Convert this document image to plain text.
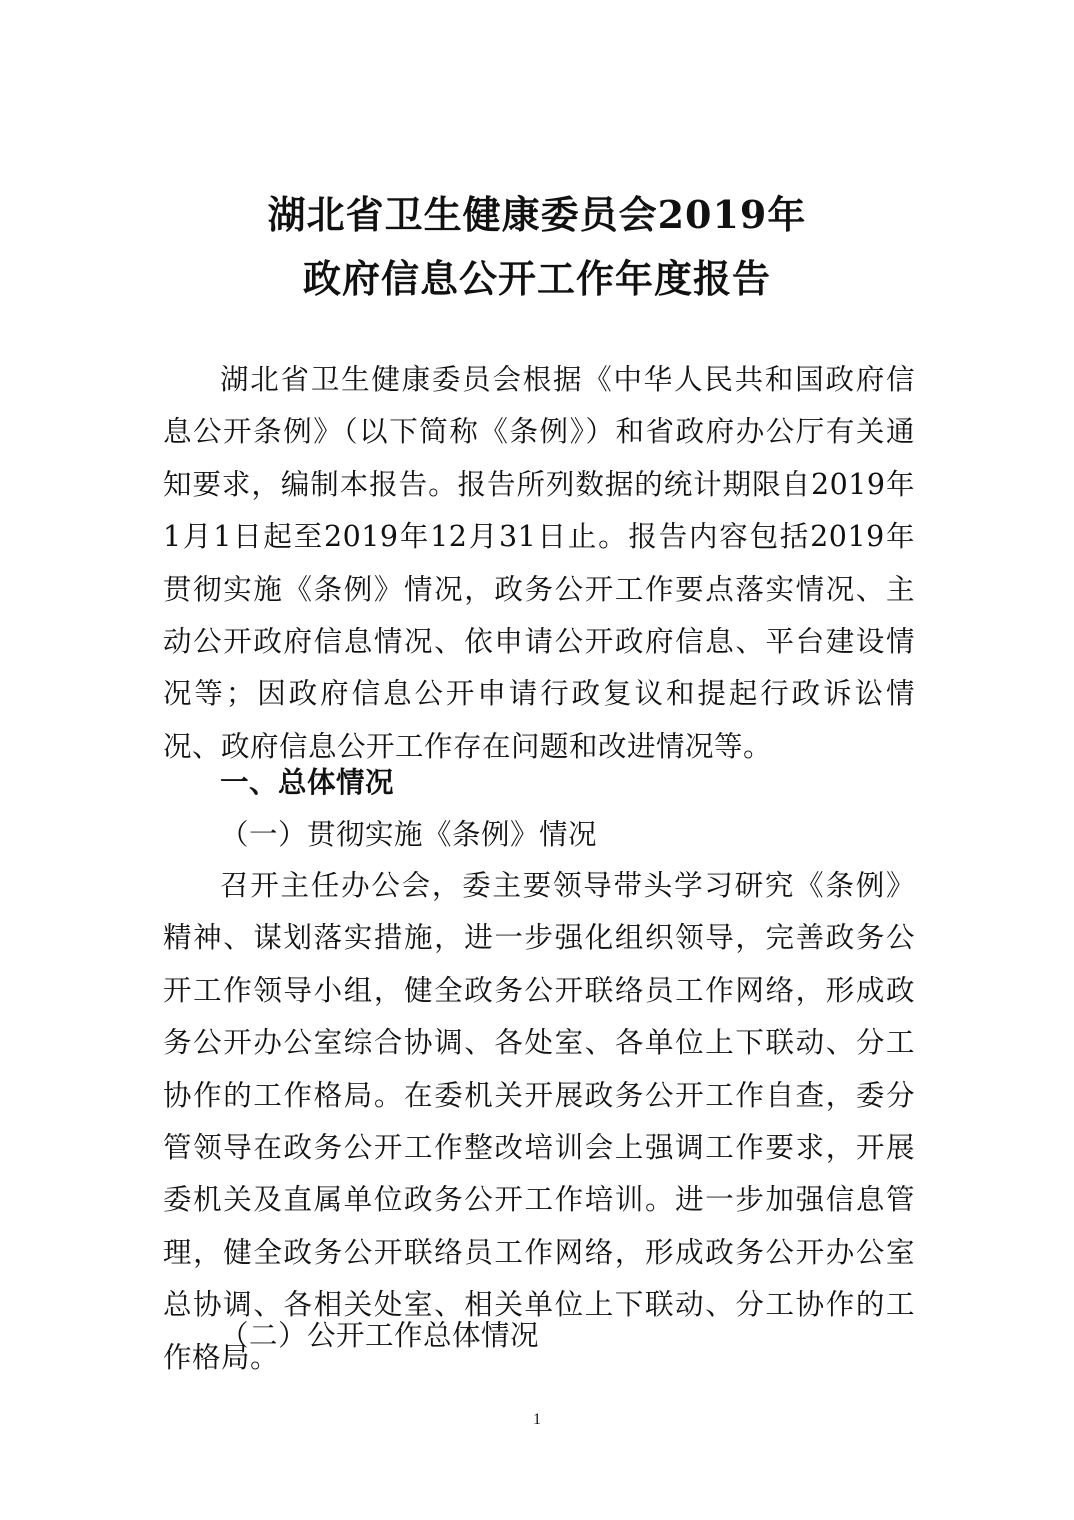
湖北省卫生健康委员会2019年
政府信息公开工作年度报告
湖北省卫生健康委员会根据《中华人民共和国政府信息公开条例》（以下简称《条例》）和省政府办公厅有关通知要求，编制本报告。报告所列数据的统计期限自2019年1月1日起至2019年12月31日止。报告内容包括2019年贯彻实施《条例》情况，政务公开工作要点落实情况、主动公开政府信息情况、依申请公开政府信息、平台建设情况等；因政府信息公开申请行政复议和提起行政诉讼情况、政府信息公开工作存在问题和改进情况等。
一、总体情况
（一）贯彻实施《条例》情况
召开主任办公会，委主要领导带头学习研究《条例》精神、谋划落实措施，进一步强化组织领导，完善政务公开工作领导小组，健全政务公开联络员工作网络，形成政务公开办公室综合协调、各处室、各单位上下联动、分工协作的工作格局。在委机关开展政务公开工作自查，委分管领导在政务公开工作整改培训会上强调工作要求，开展委机关及直属单位政务公开工作培训。进一步加强信息管理，健全政务公开联络员工作网络，形成政务公开办公室总协调、各相关处室、相关单位上下联动、分工协作的工作格局。
（二）公开工作总体情况
1
